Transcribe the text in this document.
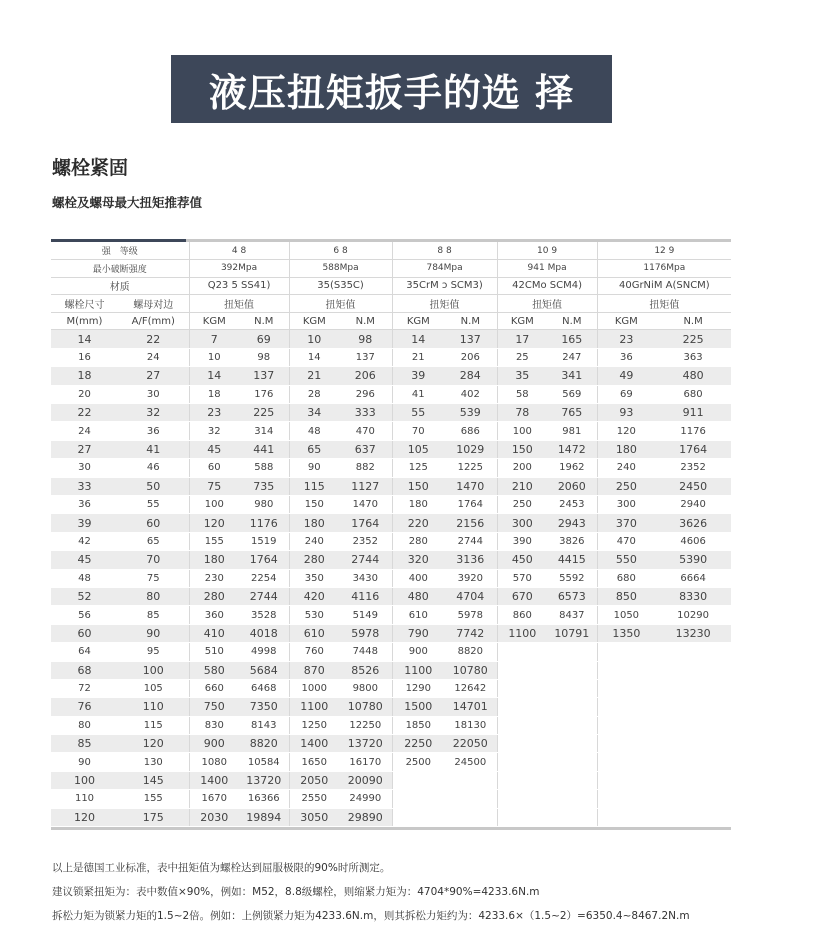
液压扭矩扳手的选 择
螺栓紧固
螺栓及螺母最大扭矩推荐值
强　等级		4 8		6 8		8 8		10 9		12 9	
最小破断强度		392Mpa		588Mpa		784Mpa		941 Mpa		1176Mpa	
材质		Q23 5 SS41)		35(S35C)		35CrM ɔ SCM3)		42CMo SCM4)		40GrNiM A(SNCM)	
螺栓尺寸	螺母对边	扭矩值		扭矩值		扭矩值		扭矩值		扭矩值	
M(mm)	A/F(mm)	KGM	N.M	KGM	N.M	KGM	N.M	KGM	N.M	KGM	N.M
14	22	7	69	10	98	14	137	17	165	23	225
16	24	10	98	14	137	21	206	25	247	36	363
18	27	14	137	21	206	39	284	35	341	49	480
20	30	18	176	28	296	41	402	58	569	69	680
22	32	23	225	34	333	55	539	78	765	93	911
24	36	32	314	48	470	70	686	100	981	120	1176
27	41	45	441	65	637	105	1029	150	1472	180	1764
30	46	60	588	90	882	125	1225	200	1962	240	2352
33	50	75	735	115	1127	150	1470	210	2060	250	2450
36	55	100	980	150	1470	180	1764	250	2453	300	2940
39	60	120	1176	180	1764	220	2156	300	2943	370	3626
42	65	155	1519	240	2352	280	2744	390	3826	470	4606
45	70	180	1764	280	2744	320	3136	450	4415	550	5390
48	75	230	2254	350	3430	400	3920	570	5592	680	6664
52	80	280	2744	420	4116	480	4704	670	6573	850	8330
56	85	360	3528	530	5149	610	5978	860	8437	1050	10290
60	90	410	4018	610	5978	790	7742	1100	10791	1350	13230
64	95	510	4998	760	7448	900	8820				
68	100	580	5684	870	8526	1100	10780				
72	105	660	6468	1000	9800	1290	12642				
76	110	750	7350	1100	10780	1500	14701				
80	115	830	8143	1250	12250	1850	18130				
85	120	900	8820	1400	13720	2250	22050				
90	130	1080	10584	1650	16170	2500	24500				
100	145	1400	13720	2050	20090						
110	155	1670	16366	2550	24990						
120	175	2030	19894	3050	29890						
以上是德国工业标准，表中扭矩值为螺栓达到屈服极限的90%时所测定。
建议锁紧扭矩为：表中数值×90%，例如：M52，8.8级螺栓，则缩紧力矩为：4704*90%=4233.6N.m
拆松力矩为锁紧力矩的1.5~2倍。例如：上例锁紧力矩为4233.6N.m，则其拆松力矩约为：4233.6×（1.5~2）=6350.4~8467.2N.m
